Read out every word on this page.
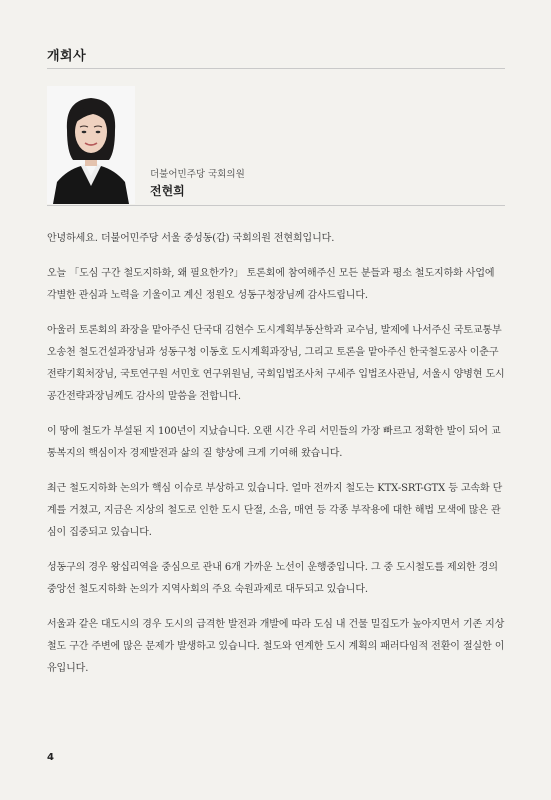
개회사
더불어민주당 국회의원
전현희

안녕하세요. 더불어민주당 서울 중성동(갑) 국회의원 전현희입니다.

오늘 「도심 구간 철도지하화, 왜 필요한가?」 토론회에 참여해주신 모든 분들과 평소 철도지하화 사업에 각별한 관심과 노력을 기울이고 계신 정원오 성동구청장님께 감사드립니다.

아울러 토론회의 좌장을 맡아주신 단국대 김현수 도시계획부동산학과 교수님, 발제에 나서주신 국토교통부 오송천 철도건설과장님과 성동구청 이동호 도시계획과장님, 그리고 토론을 맡아주신 한국철도공사 이춘구 전략기획처장님, 국토연구원 서민호 연구위원님, 국회입법조사처 구세주 입법조사관님, 서울시 양병현 도시공간전략과장님께도 감사의 말씀을 전합니다.

이 땅에 철도가 부설된 지 100년이 지났습니다. 오랜 시간 우리 서민들의 가장 빠르고 정확한 발이 되어 교통복지의 핵심이자 경제발전과 삶의 질 향상에 크게 기여해 왔습니다.

최근 철도지하화 논의가 핵심 이슈로 부상하고 있습니다. 얼마 전까지 철도는 KTX-SRT-GTX 등 고속화 단계를 거쳤고, 지금은 지상의 철도로 인한 도시 단절, 소음, 매연 등 각종 부작용에 대한 해법 모색에 많은 관심이 집중되고 있습니다.

성동구의 경우 왕십리역을 중심으로 관내 6개 가까운 노선이 운행중입니다. 그 중 도시철도를 제외한 경의중앙선 철도지하화 논의가 지역사회의 주요 숙원과제로 대두되고 있습니다.

서울과 같은 대도시의 경우 도시의 급격한 발전과 개발에 따라 도심 내 건물 밀집도가 높아지면서 기존 지상 철도 구간 주변에 많은 문제가 발생하고 있습니다. 철도와 연계한 도시 계획의 패러다임적 전환이 절실한 이유입니다.

4
